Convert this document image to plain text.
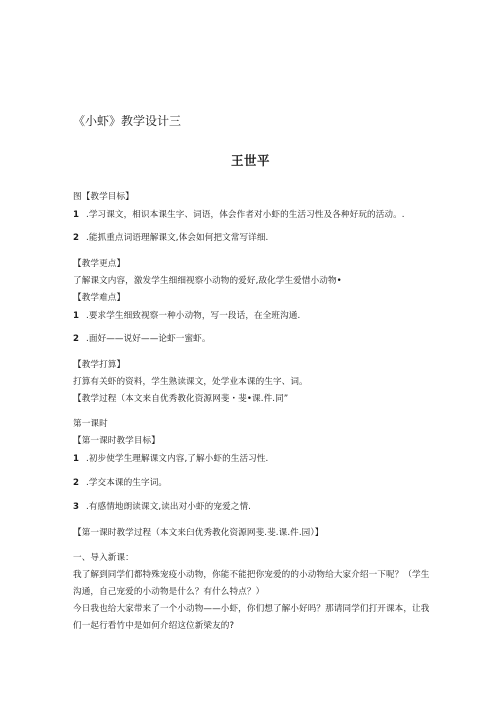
《小虾》教学设计三
王世平
图【教学目标】
1 .学习课文，相识本课生字、词语，体会作者对小虾的生活习性及各种好玩的活动。.
2 .能抓重点词语理解课文,体会如何把文常写详细.
【教学更点】
了解课文内容，激发学生细细视察小动物的爱好,敌化学生爱惜小动物•
【教学难点】
1 .要求学生细致视察一种小动物，写一段话，在全班沟通.
2 .面好——说好——论虾一蜜虾。
【教学打算】
打算有关虾的资料，学生熟读课文，处学业本课的生字、词。
【教学过程（本文来自优秀教化资源网斐・斐•课.件.同”
第一课时
【第一课时教学目标】
1 .初步使学生理解课文内容,了解小虾的生活习性.
2 .学交本课的生字词。
3 .有感情地朗读课文,读出对小虾的宠爱之情.
【第一课时教学过程（本文来臼优秀教化资源网斐.斐.课.件.园）】
一、导入新课：
我了解到同学们都特殊宠疫小动物，你能不能把你宠爱的的小动物给大家介绍一下呢？（学生
沟通，自己宠爱的小动物是什么？有什么特点？）
今日我也给大家带来了一个小动物——小虾，你们想了解小好吗？那请同学们打开课本，让我
们一起行看竹中是如何介绍这位新梁友的?
